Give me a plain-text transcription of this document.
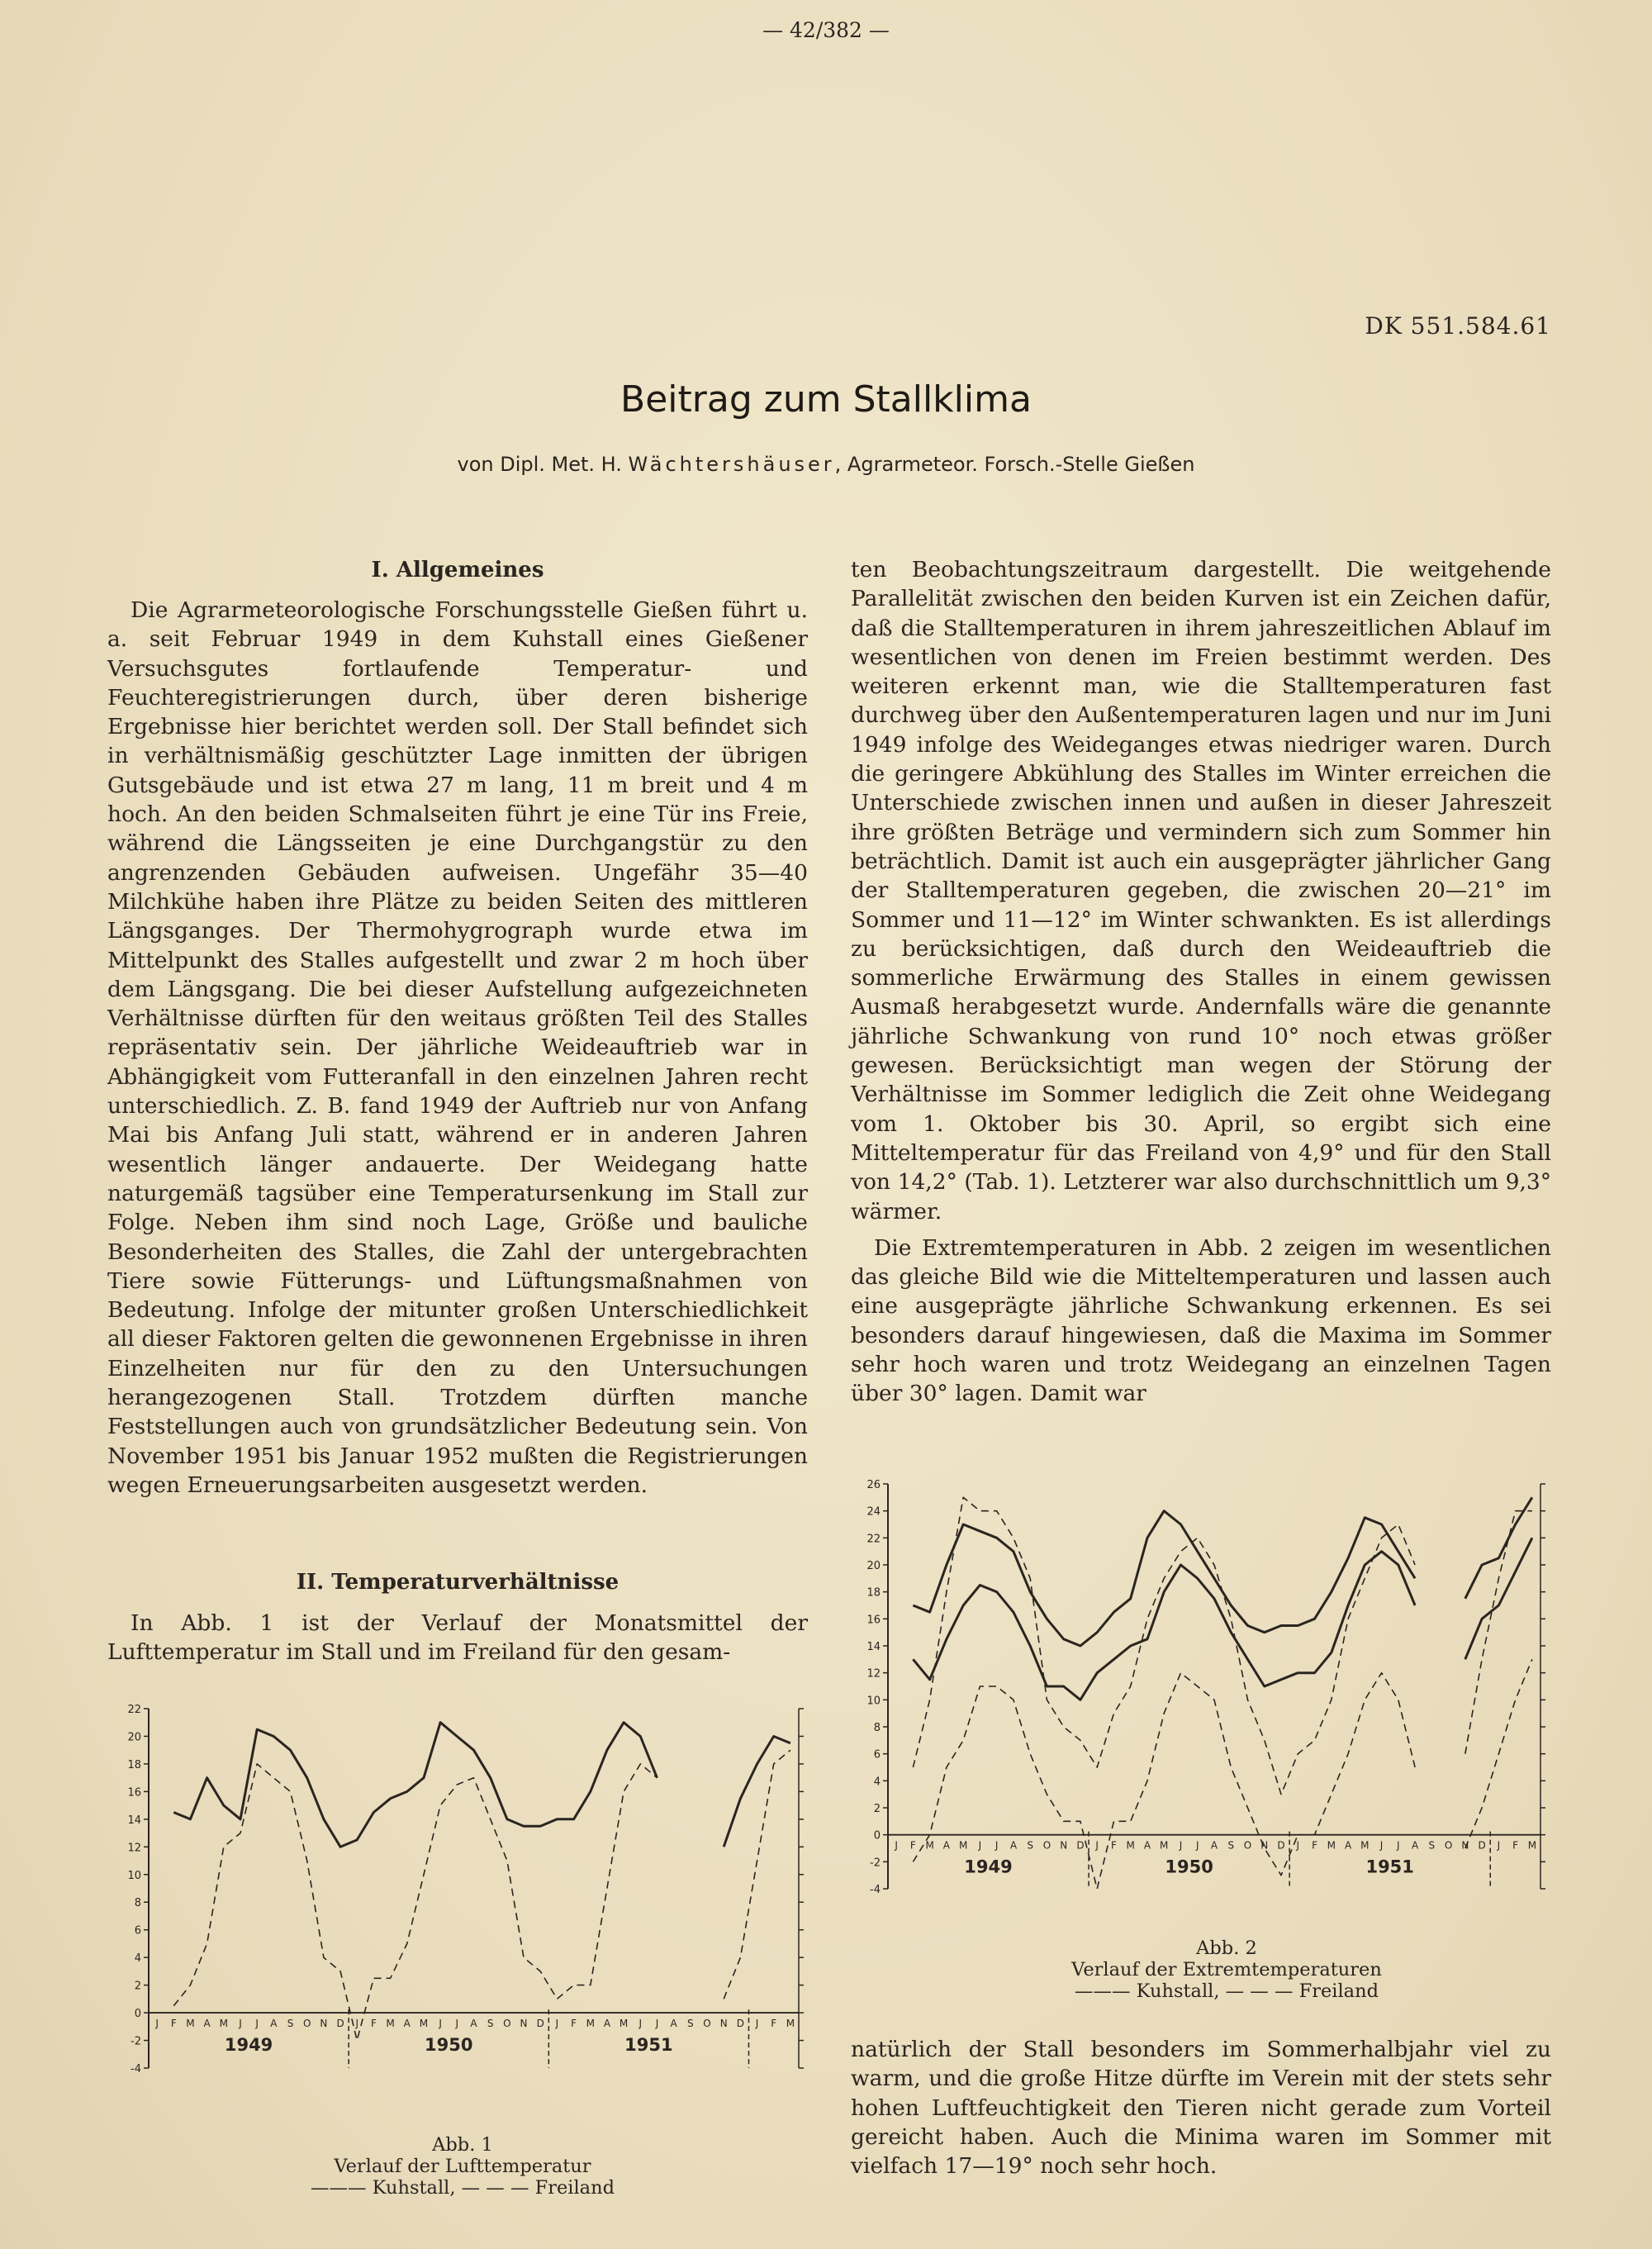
— 42/382 —
DK 551.584.61
Beitrag zum Stallklima
von Dipl. Met. H. Wächtershäuser, Agrarmeteor. Forsch.-Stelle Gießen
I. Allgemeines

Die Agrarmeteorologische Forschungsstelle Gießen führt u. a. seit Februar 1949 in dem Kuhstall eines Gießener Versuchsgutes fortlaufende Temperatur- und Feuchteregistrierungen durch, über deren bisherige Ergebnisse hier berichtet werden soll. Der Stall befindet sich in verhältnismäßig geschützter Lage inmitten der übrigen Gutsgebäude und ist etwa 27 m lang, 11 m breit und 4 m hoch. An den beiden Schmalseiten führt je eine Tür ins Freie, während die Längsseiten je eine Durchgangstür zu den angrenzenden Gebäuden aufweisen. Ungefähr 35—40 Milchkühe haben ihre Plätze zu beiden Seiten des mittleren Längsganges. Der Thermohygrograph wurde etwa im Mittelpunkt des Stalles aufgestellt und zwar 2 m hoch über dem Längsgang. Die bei dieser Aufstellung aufgezeichneten Verhältnisse dürften für den weitaus größten Teil des Stalles repräsentativ sein. Der jährliche Weideauftrieb war in Abhängigkeit vom Futteranfall in den einzelnen Jahren recht unterschiedlich. Z. B. fand 1949 der Auftrieb nur von Anfang Mai bis Anfang Juli statt, während er in anderen Jahren wesentlich länger andauerte. Der Weidegang hatte naturgemäß tagsüber eine Temperatursenkung im Stall zur Folge. Neben ihm sind noch Lage, Größe und bauliche Besonderheiten des Stalles, die Zahl der untergebrachten Tiere sowie Fütterungs- und Lüftungsmaßnahmen von Bedeutung. Infolge der mitunter großen Unterschiedlichkeit all dieser Faktoren gelten die gewonnenen Ergebnisse in ihren Einzelheiten nur für den zu den Untersuchungen herangezogenen Stall. Trotzdem dürften manche Feststellungen auch von grundsätzlicher Bedeutung sein. Von November 1951 bis Januar 1952 mußten die Registrierungen wegen Erneuerungsarbeiten ausgesetzt werden.

II. Temperaturverhältnisse

In Abb. 1 ist der Verlauf der Monatsmittel der Lufttemperatur im Stall und im Freiland für den gesam-

-4
-2
0
2
4
6
8
10
12
14
16
18
20
22
J F M A M J J A S O N D J F M A M J J A S O N D J F M A M J J A S O N D J F M
1949	1950	1951
Abb. 1
Verlauf der Lufttemperatur
——— Kuhstall, — — — Freiland

ten Beobachtungszeitraum dargestellt. Die weitgehende Parallelität zwischen den beiden Kurven ist ein Zeichen dafür, daß die Stalltemperaturen in ihrem jahreszeitlichen Ablauf im wesentlichen von denen im Freien bestimmt werden. Des weiteren erkennt man, wie die Stalltemperaturen fast durchweg über den Außentemperaturen lagen und nur im Juni 1949 infolge des Weideganges etwas niedriger waren. Durch die geringere Abkühlung des Stalles im Winter erreichen die Unterschiede zwischen innen und außen in dieser Jahreszeit ihre größten Beträge und vermindern sich zum Sommer hin beträchtlich. Damit ist auch ein ausgeprägter jährlicher Gang der Stalltemperaturen gegeben, die zwischen 20—21° im Sommer und 11—12° im Winter schwankten. Es ist allerdings zu berücksichtigen, daß durch den Weideauftrieb die sommerliche Erwärmung des Stalles in einem gewissen Ausmaß herabgesetzt wurde. Andernfalls wäre die genannte jährliche Schwankung von rund 10° noch etwas größer gewesen. Berücksichtigt man wegen der Störung der Verhältnisse im Sommer lediglich die Zeit ohne Weidegang vom 1. Oktober bis 30. April, so ergibt sich eine Mitteltemperatur für das Freiland von 4,9° und für den Stall von 14,2° (Tab. 1). Letzterer war also durchschnittlich um 9,3° wärmer.

Die Extremtemperaturen in Abb. 2 zeigen im wesentlichen das gleiche Bild wie die Mitteltemperaturen und lassen auch eine ausgeprägte jährliche Schwankung erkennen. Es sei besonders darauf hingewiesen, daß die Maxima im Sommer sehr hoch waren und trotz Weidegang an einzelnen Tagen über 30° lagen. Damit war

-4
-2
0
2
4
6
8
10
12
14
16
18
20
22
24
26
J F M A M J J A S O N D J F M A M J J A S O N D J F M A M J J A S O N D J F M
1949	1950	1951
Abb. 2
Verlauf der Extremtemperaturen
——— Kuhstall, — — — Freiland

natürlich der Stall besonders im Sommerhalbjahr viel zu warm, und die große Hitze dürfte im Verein mit der stets sehr hohen Luftfeuchtigkeit den Tieren nicht gerade zum Vorteil gereicht haben. Auch die Minima waren im Sommer mit vielfach 17—19° noch sehr hoch.
